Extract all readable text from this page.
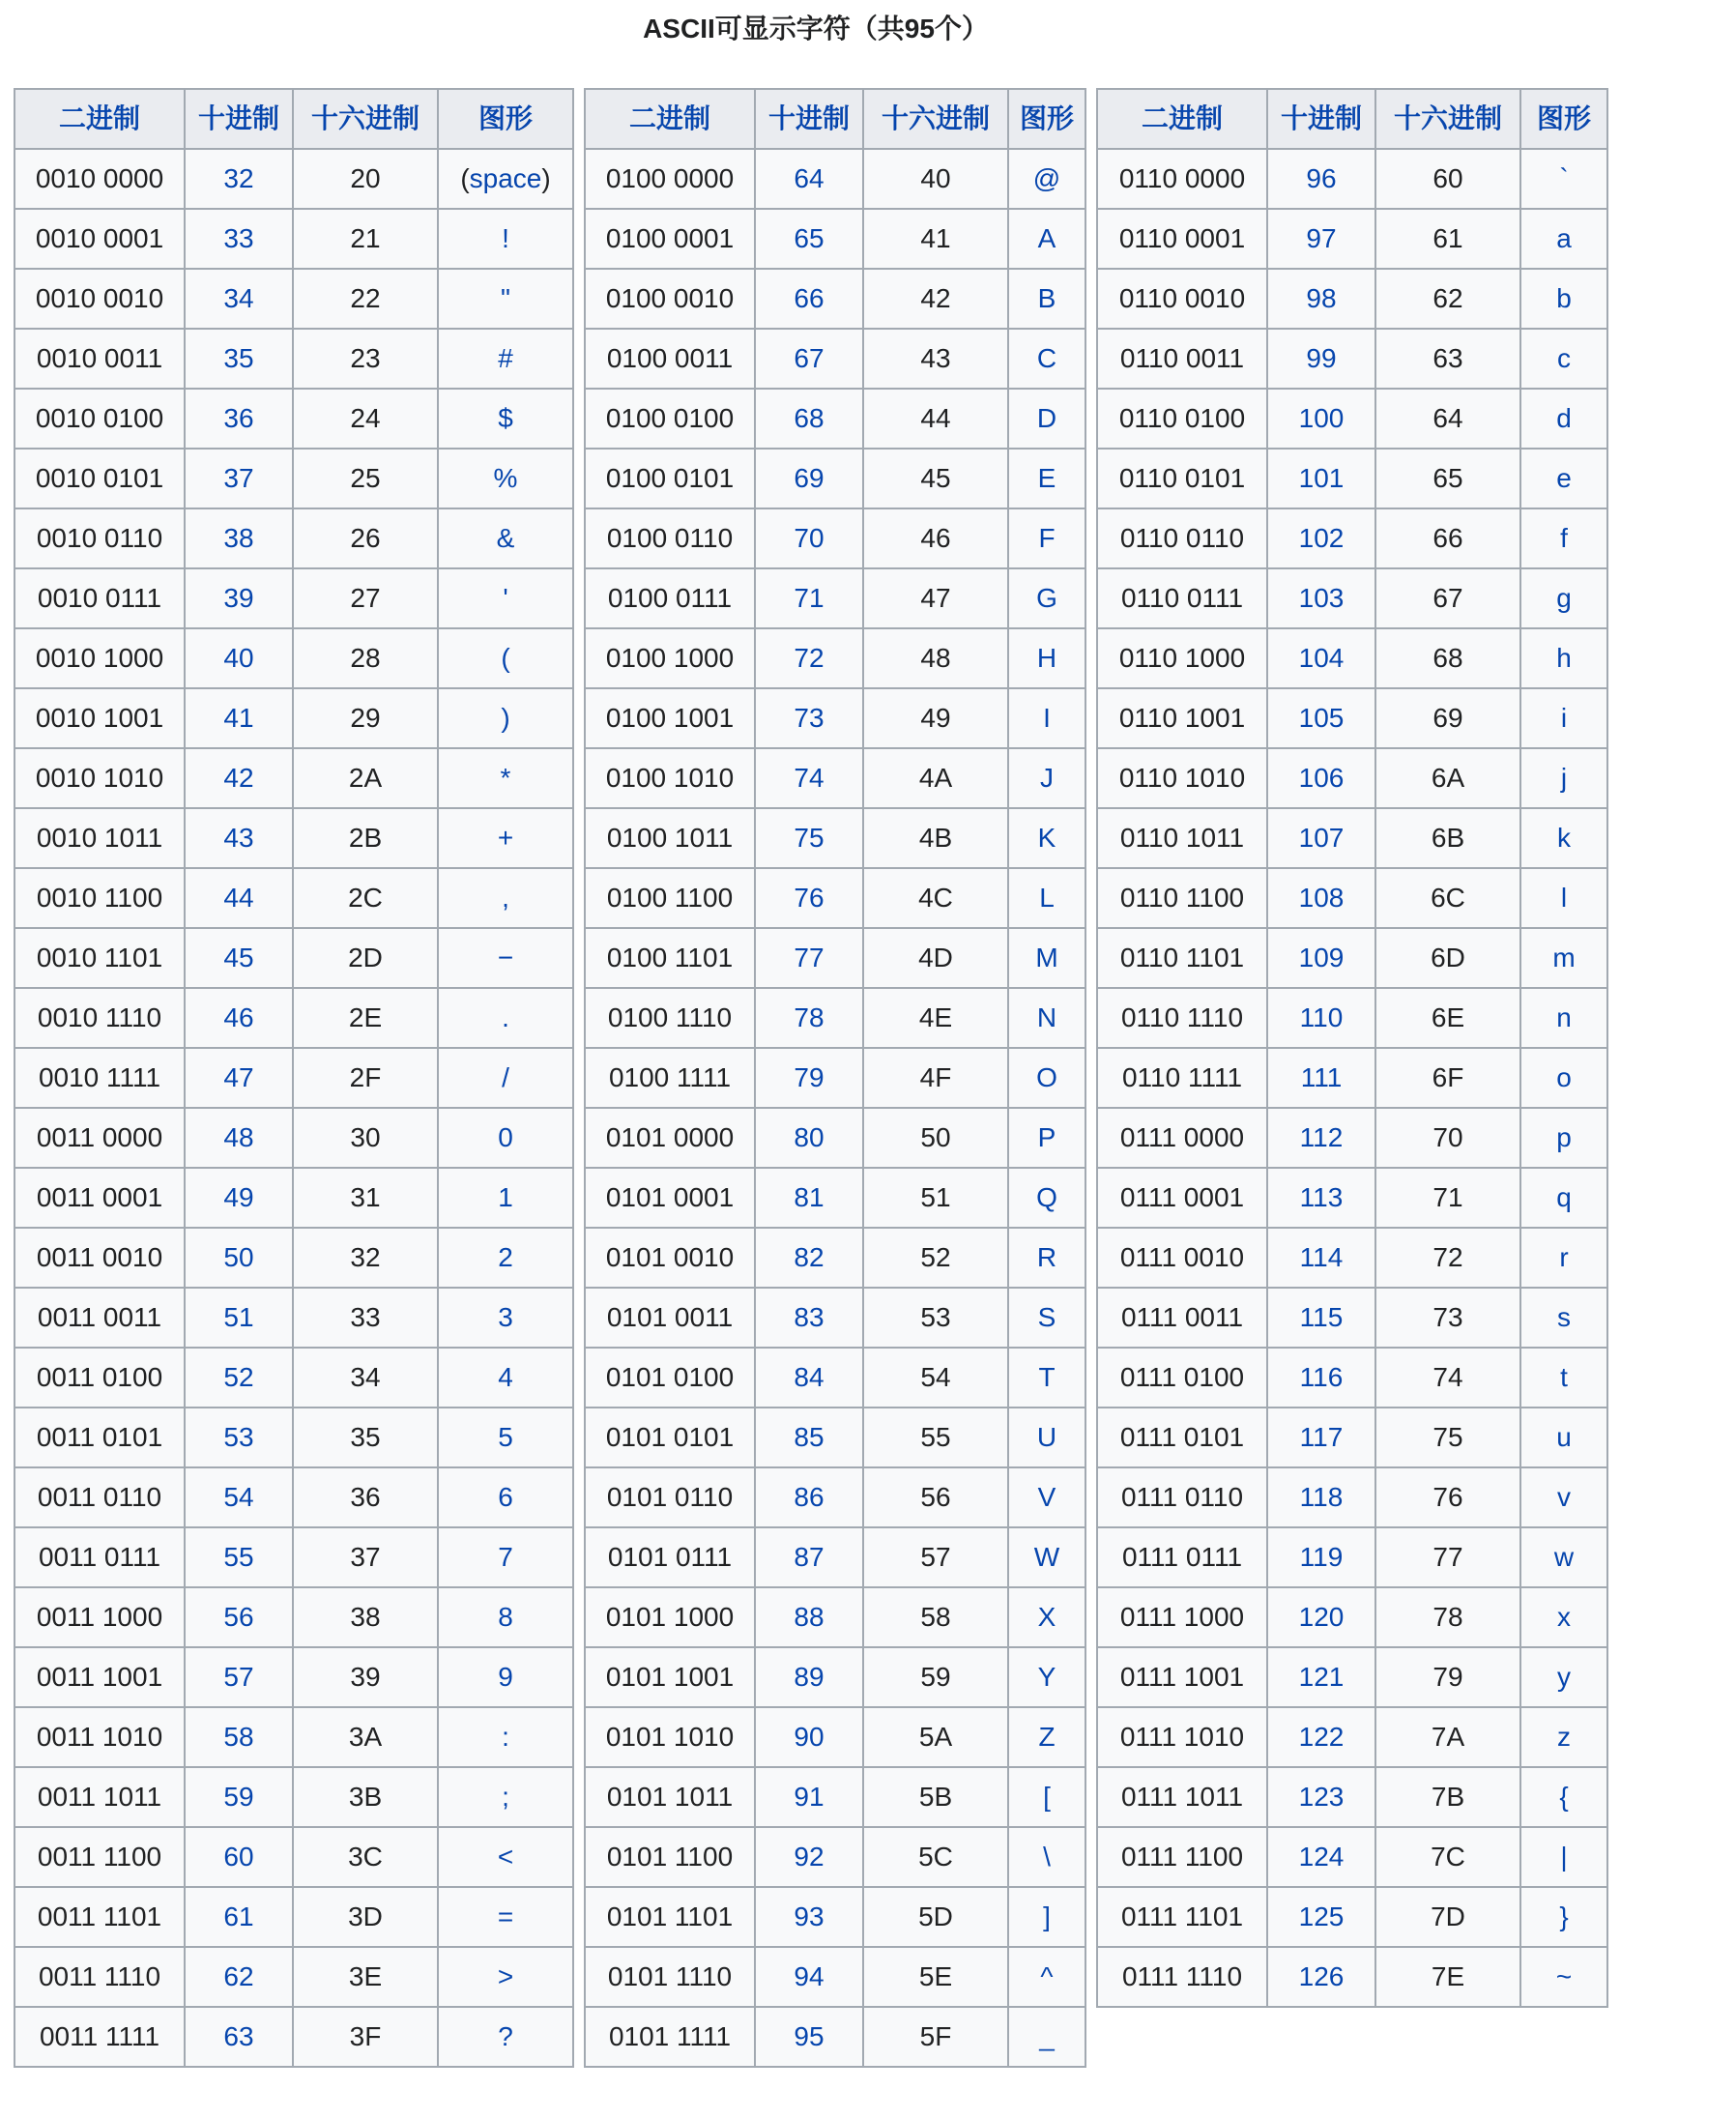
ASCII可显示字符（共95个）
二进制	十进制	十六进制	图形
0010 0000	32	20	(space)
0010 0001	33	21	!
0010 0010	34	22	"
0010 0011	35	23	#
0010 0100	36	24	$
0010 0101	37	25	%
0010 0110	38	26	&
0010 0111	39	27	'
0010 1000	40	28	(
0010 1001	41	29	)
0010 1010	42	2A	*
0010 1011	43	2B	+
0010 1100	44	2C	,
0010 1101	45	2D	−
0010 1110	46	2E	.
0010 1111	47	2F	/
0011 0000	48	30	0
0011 0001	49	31	1
0011 0010	50	32	2
0011 0011	51	33	3
0011 0100	52	34	4
0011 0101	53	35	5
0011 0110	54	36	6
0011 0111	55	37	7
0011 1000	56	38	8
0011 1001	57	39	9
0011 1010	58	3A	:
0011 1011	59	3B	;
0011 1100	60	3C	<
0011 1101	61	3D	=
0011 1110	62	3E	>
0011 1111	63	3F	?
二进制	十进制	十六进制	图形
0100 0000	64	40	@
0100 0001	65	41	A
0100 0010	66	42	B
0100 0011	67	43	C
0100 0100	68	44	D
0100 0101	69	45	E
0100 0110	70	46	F
0100 0111	71	47	G
0100 1000	72	48	H
0100 1001	73	49	I
0100 1010	74	4A	J
0100 1011	75	4B	K
0100 1100	76	4C	L
0100 1101	77	4D	M
0100 1110	78	4E	N
0100 1111	79	4F	O
0101 0000	80	50	P
0101 0001	81	51	Q
0101 0010	82	52	R
0101 0011	83	53	S
0101 0100	84	54	T
0101 0101	85	55	U
0101 0110	86	56	V
0101 0111	87	57	W
0101 1000	88	58	X
0101 1001	89	59	Y
0101 1010	90	5A	Z
0101 1011	91	5B	[
0101 1100	92	5C	\
0101 1101	93	5D	]
0101 1110	94	5E	^
0101 1111	95	5F	_
二进制	十进制	十六进制	图形
0110 0000	96	60	`
0110 0001	97	61	a
0110 0010	98	62	b
0110 0011	99	63	c
0110 0100	100	64	d
0110 0101	101	65	e
0110 0110	102	66	f
0110 0111	103	67	g
0110 1000	104	68	h
0110 1001	105	69	i
0110 1010	106	6A	j
0110 1011	107	6B	k
0110 1100	108	6C	l
0110 1101	109	6D	m
0110 1110	110	6E	n
0110 1111	111	6F	o
0111 0000	112	70	p
0111 0001	113	71	q
0111 0010	114	72	r
0111 0011	115	73	s
0111 0100	116	74	t
0111 0101	117	75	u
0111 0110	118	76	v
0111 0111	119	77	w
0111 1000	120	78	x
0111 1001	121	79	y
0111 1010	122	7A	z
0111 1011	123	7B	{
0111 1100	124	7C	|
0111 1101	125	7D	}
0111 1110	126	7E	~
